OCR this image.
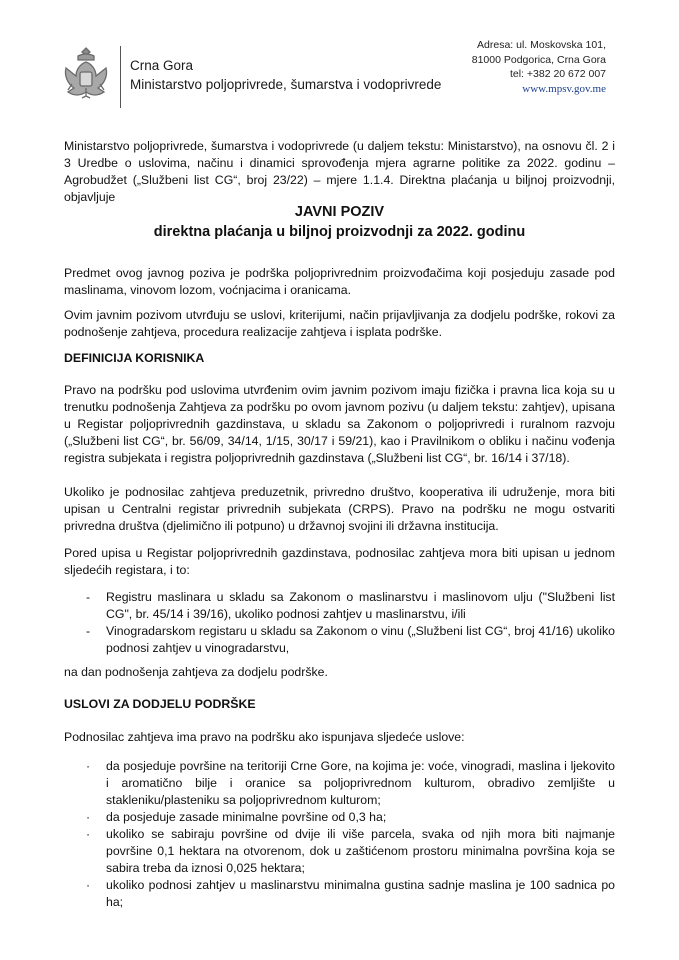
Crna Gora
Ministarstvo poljoprivrede, šumarstva i vodoprivrede
Adresa: ul. Moskovska 101,
81000 Podgorica, Crna Gora
tel: +382 20 672 007
www.mpsv.gov.me
Ministarstvo poljoprivrede, šumarstva i vodoprivrede (u daljem tekstu: Ministarstvo), na osnovu čl. 2 i 3 Uredbe o uslovima, načinu i dinamici sprovođenja mjera agrarne politike za 2022. godinu – Agrobudžet („Službeni list CG“, broj 23/22) – mjere 1.1.4. Direktna plaćanja u biljnoj proizvodnji, objavljuje
JAVNI POZIV
direktna plaćanja u biljnoj proizvodnji za 2022. godinu
Predmet ovog javnog poziva je podrška poljoprivrednim proizvođačima koji posjeduju zasade pod maslinama, vinovom lozom, voćnjacima i oranicama.
Ovim javnim pozivom utvrđuju se uslovi, kriterijumi, način prijavljivanja za dodjelu podrške, rokovi za podnošenje zahtjeva, procedura realizacije zahtjeva i isplata podrške.
DEFINICIJA KORISNIKA
Pravo na podršku pod uslovima utvrđenim ovim javnim pozivom imaju fizička i pravna lica koja su u trenutku podnošenja Zahtjeva za podršku po ovom javnom pozivu (u daljem tekstu: zahtjev), upisana u Registar poljoprivrednih gazdinstava, u skladu sa Zakonom o poljoprivredi i ruralnom razvoju („Službeni list CG“, br. 56/09, 34/14, 1/15, 30/17 i 59/21), kao i Pravilnikom o obliku i načinu vođenja registra subjekata i registra poljoprivrednih gazdinstava („Službeni list CG“, br. 16/14 i 37/18).
Ukoliko je podnosilac zahtjeva preduzetnik, privredno društvo, kooperativa ili udruženje, mora biti upisan u Centralni registar privrednih subjekata (CRPS). Pravo na podršku ne mogu ostvariti privredna društva (djelimično ili potpuno) u državnoj svojini ili državna institucija.
Pored upisa u Registar poljoprivrednih gazdinstava, podnosilac zahtjeva mora biti upisan u jednom sljedećih registara, i to:
-	Registru maslinara u skladu sa Zakonom o maslinarstvu i maslinovom ulju ("Službeni list CG", br. 45/14 i 39/16), ukoliko podnosi zahtjev u maslinarstvu, i/ili
-	Vinogradarskom registaru u skladu sa Zakonom o vinu („Službeni list CG“, broj 41/16) ukoliko podnosi zahtjev u vinogradarstvu,
na dan podnošenja zahtjeva za dodjelu podrške.
USLOVI ZA DODJELU PODRŠKE
Podnosilac zahtjeva ima pravo na podršku ako ispunjava sljedeće uslove:
·	da posjeduje površine na teritoriji Crne Gore, na kojima je: voće, vinogradi, maslina i ljekovito i aromatično bilje i oranice sa poljoprivrednom kulturom, obradivo zemljište u stakleniku/plasteniku sa poljoprivrednom kulturom;
·	da posjeduje zasade minimalne površine od 0,3 ha;
·	ukoliko se sabiraju površine od dvije ili više parcela, svaka od njih mora biti najmanje površine 0,1 hektara na otvorenom, dok u zaštićenom prostoru minimalna površina koja se sabira treba da iznosi 0,025 hektara;
·	ukoliko podnosi zahtjev u maslinarstvu minimalna gustina sadnje maslina je 100 sadnica po ha;
